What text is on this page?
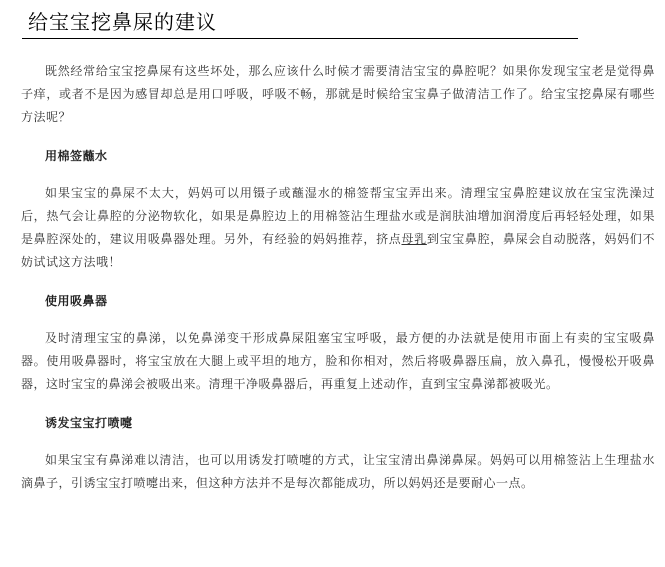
给宝宝挖鼻屎的建议

既然经常给宝宝挖鼻屎有这些坏处，那么应该什么时候才需要清洁宝宝的鼻腔呢？如果你发现宝宝老是觉得鼻子痒，或者不是因为感冒却总是用口呼吸，呼吸不畅，那就是时候给宝宝鼻子做清洁工作了。给宝宝挖鼻屎有哪些方法呢？

用棉签蘸水

如果宝宝的鼻屎不太大，妈妈可以用镊子或蘸湿水的棉签帮宝宝弄出来。清理宝宝鼻腔建议放在宝宝洗澡过后，热气会让鼻腔的分泌物软化，如果是鼻腔边上的用棉签沾生理盐水或是润肤油增加润滑度后再轻轻处理，如果是鼻腔深处的，建议用吸鼻器处理。另外，有经验的妈妈推荐，挤点母乳到宝宝鼻腔，鼻屎会自动脱落，妈妈们不妨试试这方法哦！

使用吸鼻器

及时清理宝宝的鼻涕，以免鼻涕变干形成鼻屎阻塞宝宝呼吸，最方便的办法就是使用市面上有卖的宝宝吸鼻器。使用吸鼻器时，将宝宝放在大腿上或平坦的地方，脸和你相对，然后将吸鼻器压扁，放入鼻孔，慢慢松开吸鼻器，这时宝宝的鼻涕会被吸出来。清理干净吸鼻器后，再重复上述动作，直到宝宝鼻涕都被吸光。

诱发宝宝打喷嚏

如果宝宝有鼻涕难以清洁，也可以用诱发打喷嚏的方式，让宝宝清出鼻涕鼻屎。妈妈可以用棉签沾上生理盐水滴鼻子，引诱宝宝打喷嚏出来，但这种方法并不是每次都能成功，所以妈妈还是要耐心一点。
